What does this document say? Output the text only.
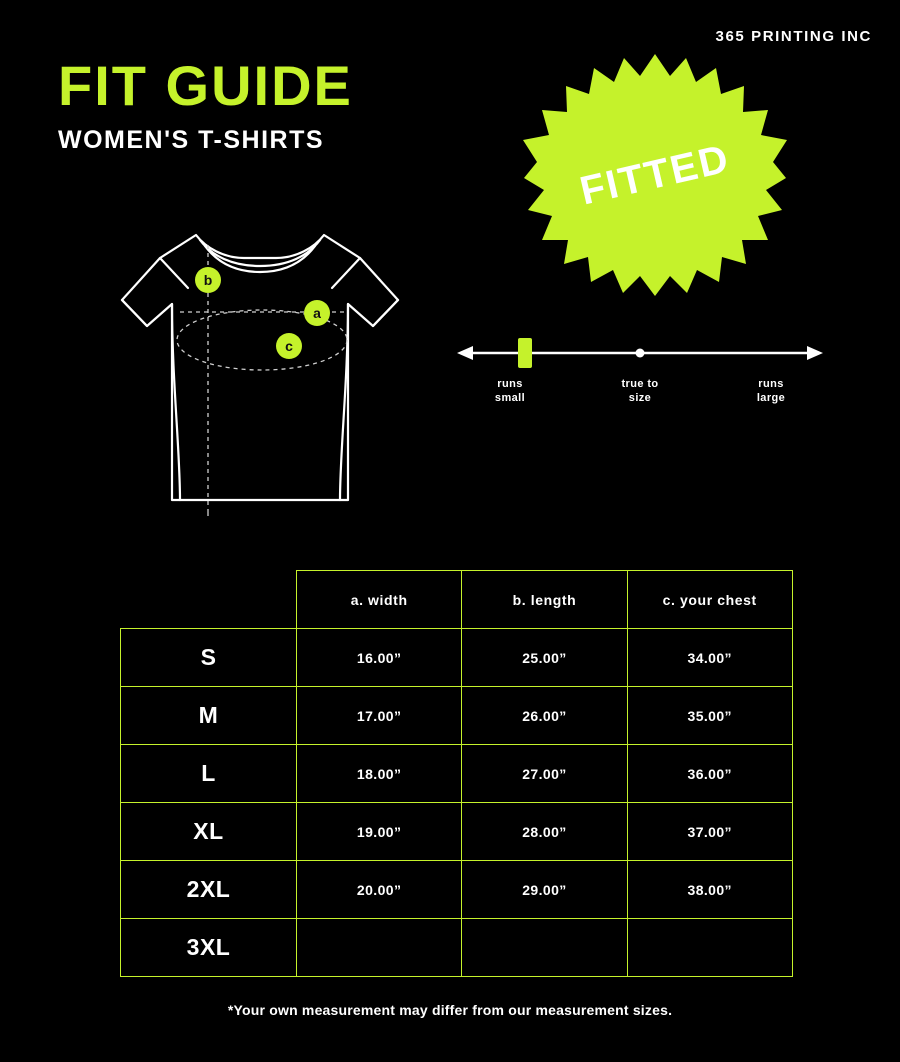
365 PRINTING INC
FIT GUIDE
WOMEN'S T-SHIRTS
a
b
c
FITTED
runs
small
true to
size
runs
large
	a. width	b. length	c. your chest
S	16.00”	25.00”	34.00”
M	17.00”	26.00”	35.00”
L	18.00”	27.00”	36.00”
XL	19.00”	28.00”	37.00”
2XL	20.00”	29.00”	38.00”
3XL			
*Your own measurement may differ from our measurement sizes.
